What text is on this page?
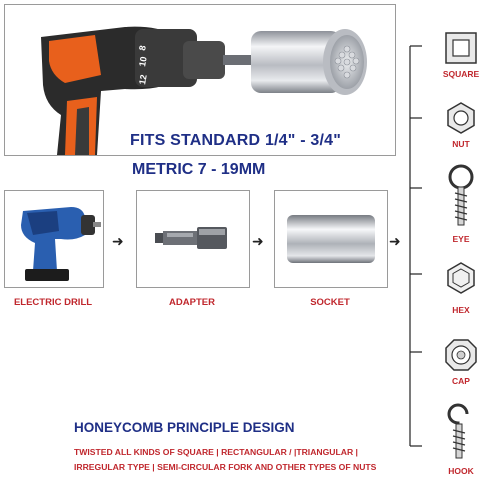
8
10
12
FITS STANDARD 1/4" - 3/4"
METRIC 7 - 19MM
ELECTRIC DRILL
➜
ADAPTER
➜
SOCKET
➜
SQUARE
NUT
EYE
HEX
CAP
HOOK
HONEYCOMB PRINCIPLE DESIGN
TWISTED ALL KINDS OF SQUARE | RECTANGULAR / |TRIANGULAR |
IRREGULAR TYPE | SEMI-CIRCULAR FORK AND OTHER TYPES OF NUTS
